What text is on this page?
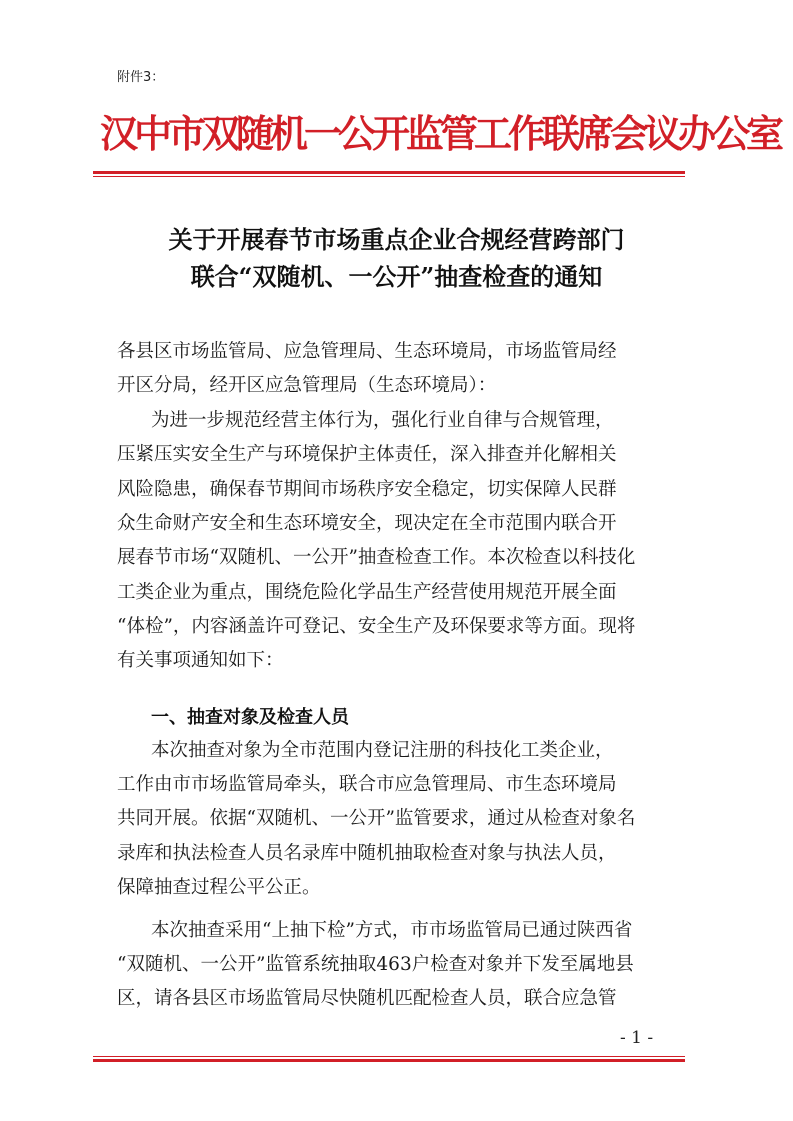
附件3：
汉中市双随机一公开监管工作联席会议办公室
关于开展春节市场重点企业合规经营跨部门
联合“双随机、一公开”抽查检查的通知
各县区市场监管局、应急管理局、生态环境局，市场监管局经
开区分局，经开区应急管理局（生态环境局）：
为进一步规范经营主体行为，强化行业自律与合规管理，
压紧压实安全生产与环境保护主体责任，深入排查并化解相关
风险隐患，确保春节期间市场秩序安全稳定，切实保障人民群
众生命财产安全和生态环境安全，现决定在全市范围内联合开
展春节市场“双随机、一公开”抽查检查工作。本次检查以科技化
工类企业为重点，围绕危险化学品生产经营使用规范开展全面
“体检”，内容涵盖许可登记、安全生产及环保要求等方面。现将
有关事项通知如下：
一、抽查对象及检查人员
本次抽查对象为全市范围内登记注册的科技化工类企业，
工作由市市场监管局牵头，联合市应急管理局、市生态环境局
共同开展。依据“双随机、一公开”监管要求，通过从检查对象名
录库和执法检查人员名录库中随机抽取检查对象与执法人员，
保障抽查过程公平公正。
本次抽查采用“上抽下检”方式，市市场监管局已通过陕西省
“双随机、一公开”监管系统抽取463户检查对象并下发至属地县
区，请各县区市场监管局尽快随机匹配检查人员，联合应急管
- 1 -
